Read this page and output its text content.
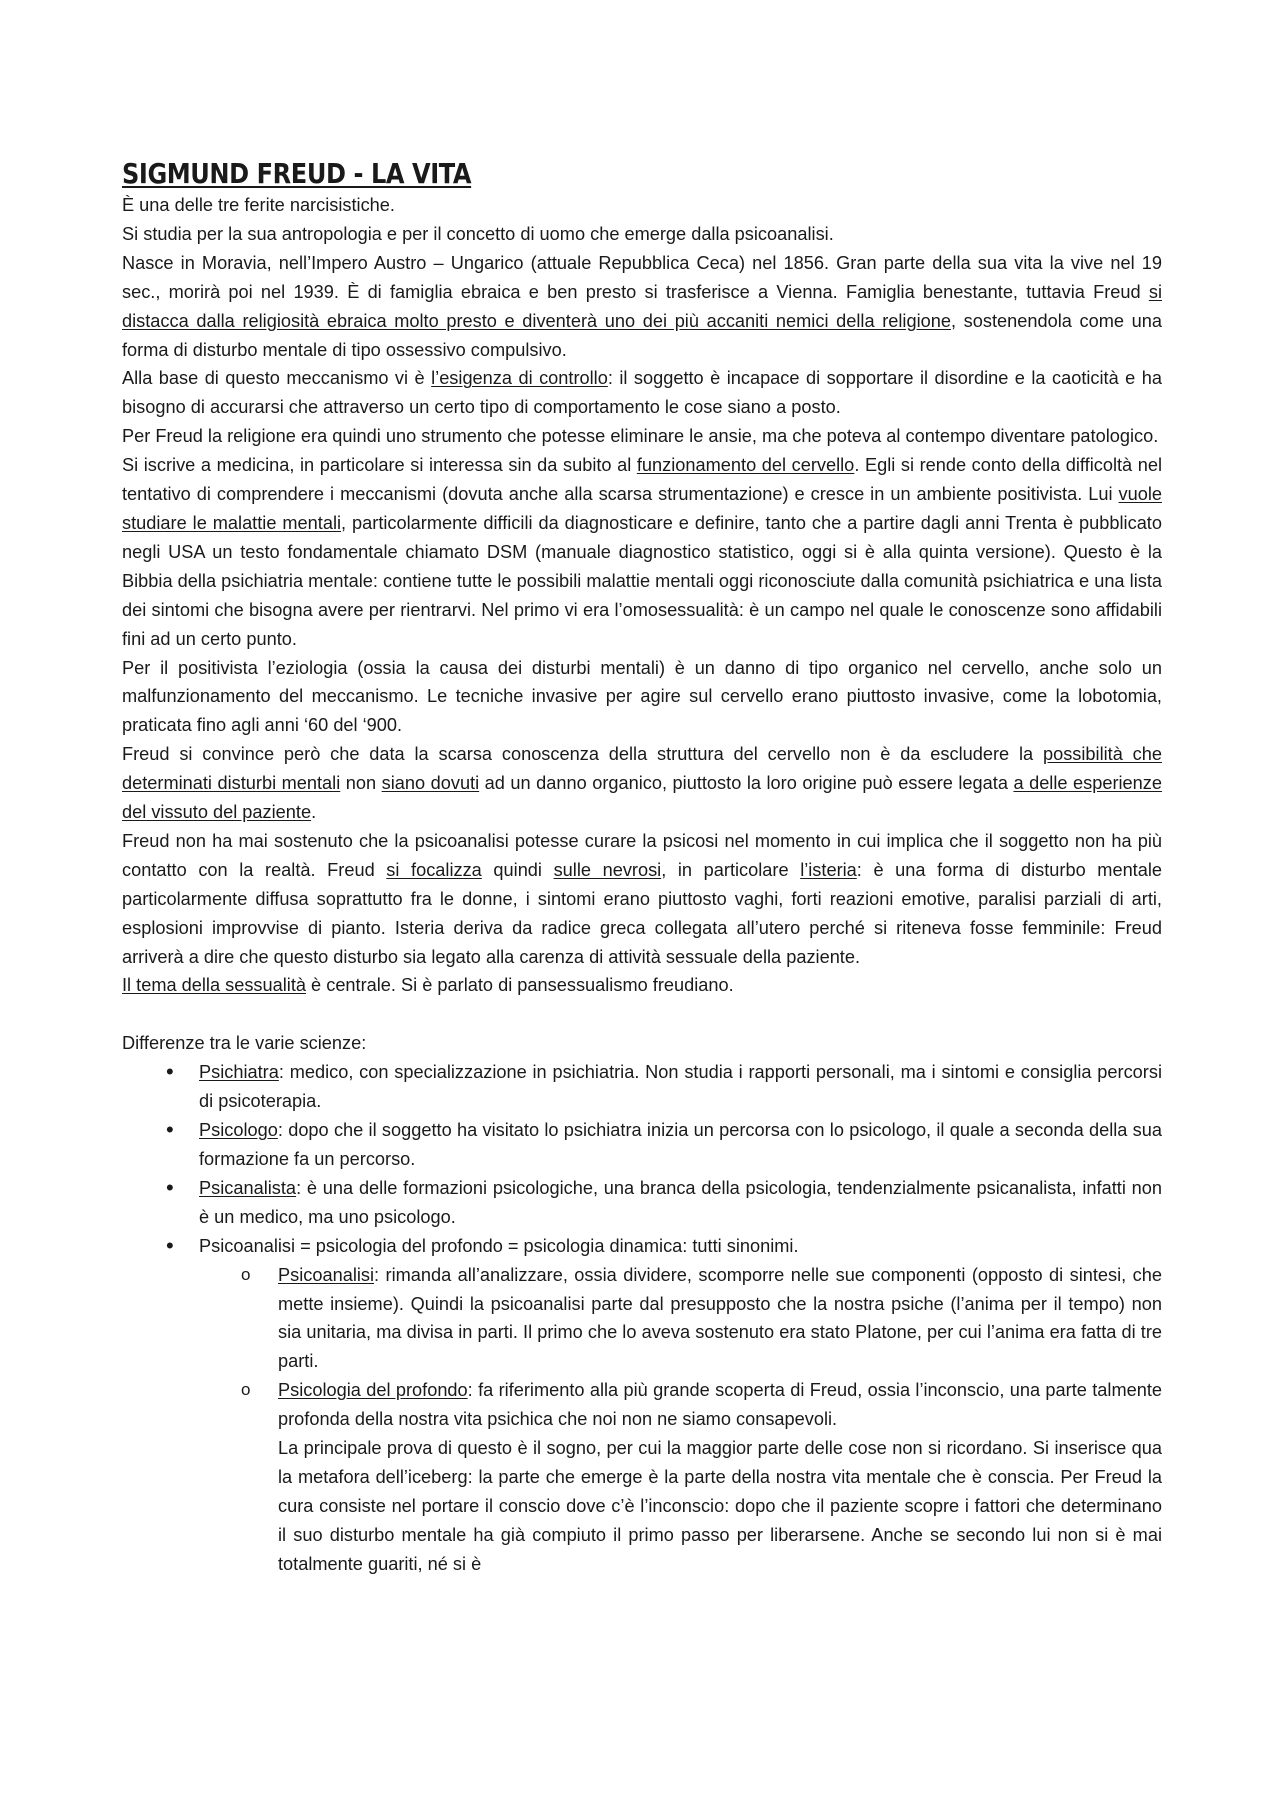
SIGMUND FREUD - LA VITA

È una delle tre ferite narcisistiche.

Si studia per la sua antropologia e per il concetto di uomo che emerge dalla psicoanalisi.

Nasce in Moravia, nell’Impero Austro – Ungarico (attuale Repubblica Ceca) nel 1856. Gran parte della sua vita la vive nel 19 sec., morirà poi nel 1939. È di famiglia ebraica e ben presto si trasferisce a Vienna. Famiglia benestante, tuttavia Freud si distacca dalla religiosità ebraica molto presto e diventerà uno dei più accaniti nemici della religione, sostenendola come una forma di disturbo mentale di tipo ossessivo compulsivo.

Alla base di questo meccanismo vi è l’esigenza di controllo: il soggetto è incapace di sopportare il disordine e la caoticità e ha bisogno di accurarsi che attraverso un certo tipo di comportamento le cose siano a posto.

Per Freud la religione era quindi uno strumento che potesse eliminare le ansie, ma che poteva al contempo diventare patologico.

Si iscrive a medicina, in particolare si interessa sin da subito al funzionamento del cervello. Egli si rende conto della difficoltà nel tentativo di comprendere i meccanismi (dovuta anche alla scarsa strumentazione) e cresce in un ambiente positivista. Lui vuole studiare le malattie mentali, particolarmente difficili da diagnosticare e definire, tanto che a partire dagli anni Trenta è pubblicato negli USA un testo fondamentale chiamato DSM (manuale diagnostico statistico, oggi si è alla quinta versione). Questo è la Bibbia della psichiatria mentale: contiene tutte le possibili malattie mentali oggi riconosciute dalla comunità psichiatrica e una lista dei sintomi che bisogna avere per rientrarvi. Nel primo vi era l’omosessualità: è un campo nel quale le conoscenze sono affidabili fini ad un certo punto.

Per il positivista l’eziologia (ossia la causa dei disturbi mentali) è un danno di tipo organico nel cervello, anche solo un malfunzionamento del meccanismo. Le tecniche invasive per agire sul cervello erano piuttosto invasive, come la lobotomia, praticata fino agli anni ‘60 del ‘900.

Freud si convince però che data la scarsa conoscenza della struttura del cervello non è da escludere la possibilità che determinati disturbi mentali non siano dovuti ad un danno organico, piuttosto la loro origine può essere legata a delle esperienze del vissuto del paziente.

Freud non ha mai sostenuto che la psicoanalisi potesse curare la psicosi nel momento in cui implica che il soggetto non ha più contatto con la realtà. Freud si focalizza quindi sulle nevrosi, in particolare l’isteria: è una forma di disturbo mentale particolarmente diffusa soprattutto fra le donne, i sintomi erano piuttosto vaghi, forti reazioni emotive, paralisi parziali di arti, esplosioni improvvise di pianto. Isteria deriva da radice greca collegata all’utero perché si riteneva fosse femminile: Freud arriverà a dire che questo disturbo sia legato alla carenza di attività sessuale della paziente.

Il tema della sessualità è centrale. Si è parlato di pansessualismo freudiano.

Differenze tra le varie scienze:

• Psichiatra: medico, con specializzazione in psichiatria. Non studia i rapporti personali, ma i sintomi e consiglia percorsi di psicoterapia.
• Psicologo: dopo che il soggetto ha visitato lo psichiatra inizia un percorsa con lo psicologo, il quale a seconda della sua formazione fa un percorso.
• Psicanalista: è una delle formazioni psicologiche, una branca della psicologia, tendenzialmente psicanalista, infatti non è un medico, ma uno psicologo.
• Psicoanalisi = psicologia del profondo = psicologia dinamica: tutti sinonimi.
o Psicoanalisi: rimanda all’analizzare, ossia dividere, scomporre nelle sue componenti (opposto di sintesi, che mette insieme). Quindi la psicoanalisi parte dal presupposto che la nostra psiche (l’anima per il tempo) non sia unitaria, ma divisa in parti. Il primo che lo aveva sostenuto era stato Platone, per cui l’anima era fatta di tre parti.
o Psicologia del profondo: fa riferimento alla più grande scoperta di Freud, ossia l’inconscio, una parte talmente profonda della nostra vita psichica che noi non ne siamo consapevoli.
La principale prova di questo è il sogno, per cui la maggior parte delle cose non si ricordano. Si inserisce qua la metafora dell’iceberg: la parte che emerge è la parte della nostra vita mentale che è conscia. Per Freud la cura consiste nel portare il conscio dove c’è l’inconscio: dopo che il paziente scopre i fattori che determinano il suo disturbo mentale ha già compiuto il primo passo per liberarsene. Anche se secondo lui non si è mai totalmente guariti, né si è
